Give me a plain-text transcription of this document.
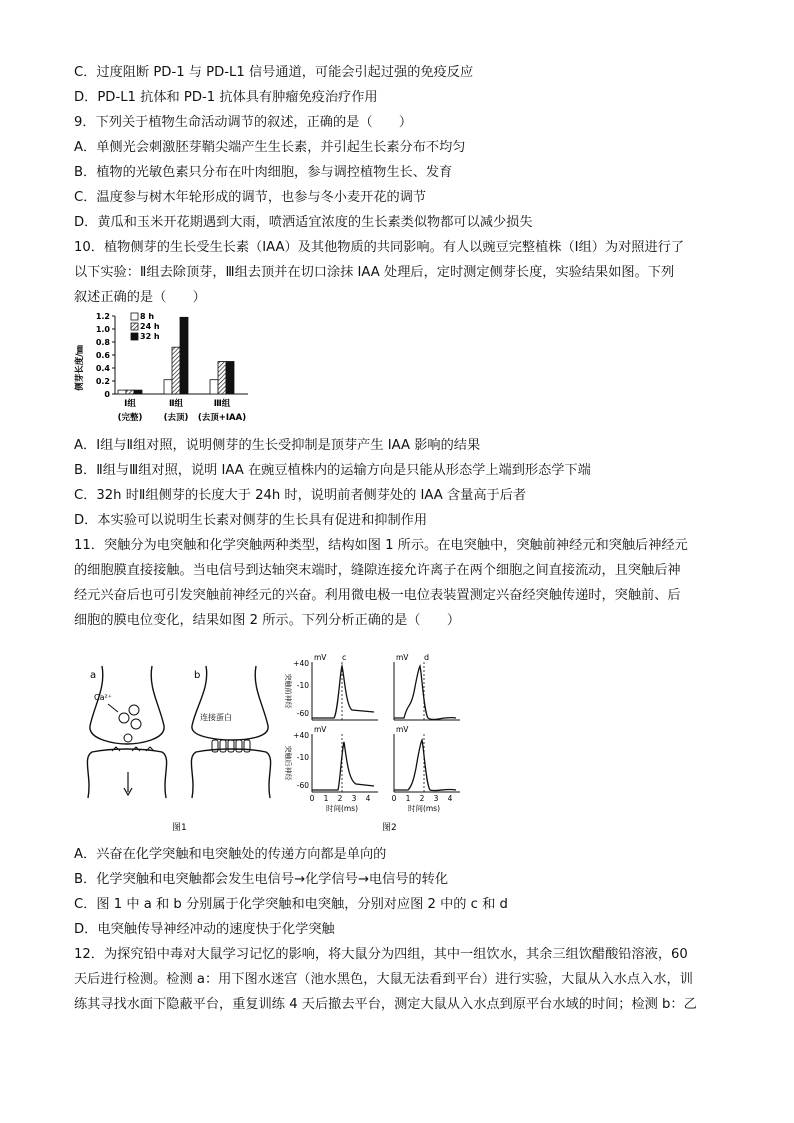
C．过度阻断 PD-1 与 PD-L1 信号通道，可能会引起过强的免疫反应
D．PD-L1 抗体和 PD-1 抗体具有肿瘤免疫治疗作用
9．下列关于植物生命活动调节的叙述，正确的是（　　）
A．单侧光会刺激胚芽鞘尖端产生生长素，并引起生长素分布不均匀
B．植物的光敏色素只分布在叶肉细胞，参与调控植物生长、发育
C．温度参与树木年轮形成的调节，也参与冬小麦开花的调节
D．黄瓜和玉米开花期遇到大雨，喷洒适宜浓度的生长素类似物都可以减少损失
10．植物侧芽的生长受生长素（IAA）及其他物质的共同影响。有人以豌豆完整植株（Ⅰ组）为对照进行了
以下实验：Ⅱ组去除顶芽，Ⅲ组去顶并在切口涂抹 IAA 处理后，定时测定侧芽长度，实验结果如图。下列
叙述正确的是（　　）
侧芽长度/㎜
0
0.2
0.4
0.6
0.8
1.0
1.2
Ⅰ组
(完整)
Ⅱ组
(去顶)
Ⅲ组
(去顶+IAA)
8 h
24 h
32 h
A．Ⅰ组与Ⅱ组对照，说明侧芽的生长受抑制是顶芽产生 IAA 影响的结果
B．Ⅱ组与Ⅲ组对照，说明 IAA 在豌豆植株内的运输方向是只能从形态学上端到形态学下端
C．32h 时Ⅱ组侧芽的长度大于 24h 时，说明前者侧芽处的 IAA 含量高于后者
D．本实验可以说明生长素对侧芽的生长具有促进和抑制作用
11．突触分为电突触和化学突触两种类型，结构如图 1 所示。在电突触中，突触前神经元和突触后神经元
的细胞膜直接接触。当电信号到达轴突末端时，缝隙连接允许离子在两个细胞之间直接流动，且突触后神
经元兴奋后也可引发突触前神经元的兴奋。利用微电极一电位表装置测定兴奋经突触传递时，突触前、后
细胞的膜电位变化，结果如图 2 所示。下列分析正确的是（　　）
a
Ca²⁺
b
连接蛋白
图1
mV
+40
-10
-60
突触前神经
c	mV d
mV
+40
-10
-60
突触后神经
0 1 2 3 4
时间(ms)
mV
0 1 2 3 4
时间(ms)
图2
A．兴奋在化学突触和电突触处的传递方向都是单向的
B．化学突触和电突触都会发生电信号→化学信号→电信号的转化
C．图 1 中 a 和 b 分别属于化学突触和电突触，分别对应图 2 中的 c 和 d
D．电突触传导神经冲动的速度快于化学突触
12．为探究铅中毒对大鼠学习记忆的影响，将大鼠分为四组，其中一组饮水，其余三组饮醋酸铅溶液，60
天后进行检测。检测 a：用下图水迷宫（池水黑色，大鼠无法看到平台）进行实验，大鼠从入水点入水，训
练其寻找水面下隐蔽平台，重复训练 4 天后撤去平台，测定大鼠从入水点到原平台水域的时间；检测 b：乙
